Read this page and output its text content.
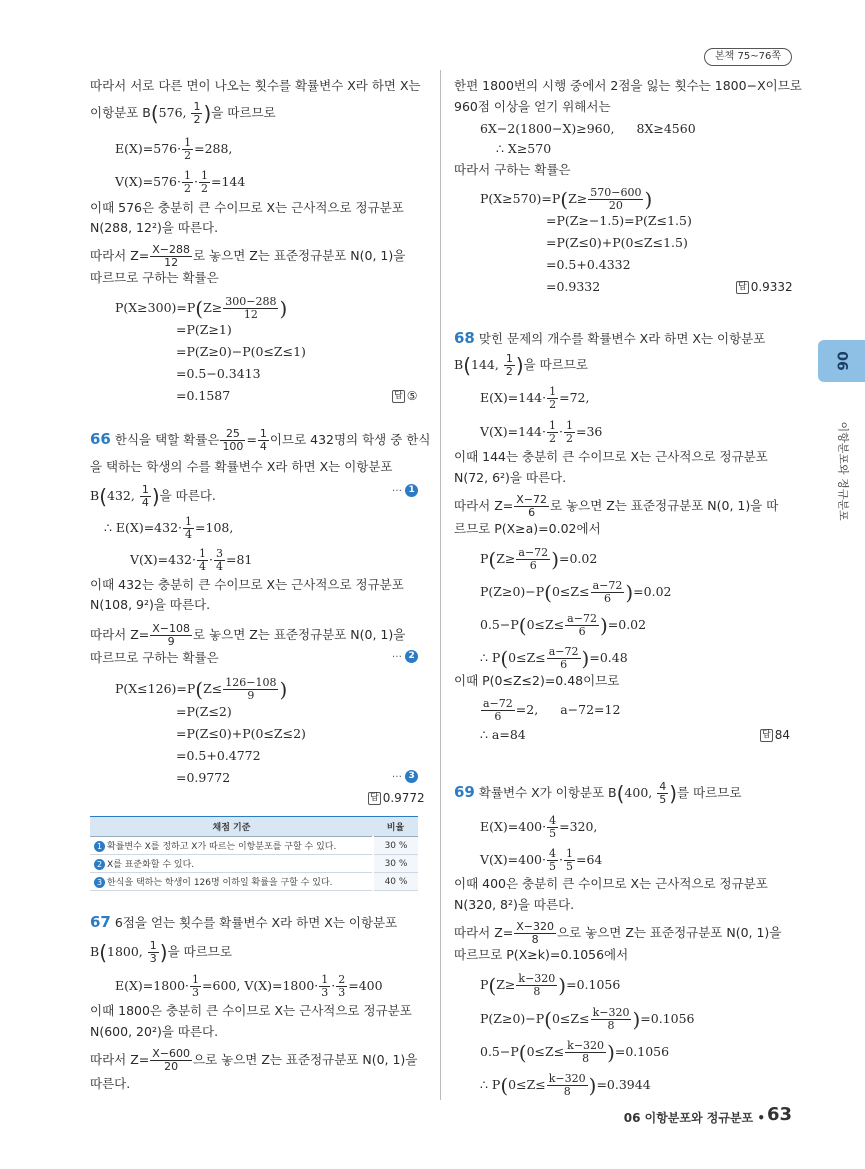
본책 75~76쪽
06
이항분포와 정규분포
따라서 서로 다른 면이 나오는 횟수를 확률변수 X라 하면 X는
이항분포 B(576, $\frac{1}{2}$ )을 따르므로
$E(X)=576\cdot \frac{1}{2} =288$,
$V(X)=576\cdot \frac{1}{2} \cdot \frac{1}{2} =144$
이때 576은 충분히 큰 수이므로 X는 근사적으로 정규분포
N(288, 12²)을 따른다.
따라서 $Z= \frac{X-288}{12}$ 로 놓으면 Z는 표준정규분포 N(0, 1)을
따르므로 구하는 확률은
$P(X\ge 300)=P(Z\ge \frac{300-288}{12}$ )
=P(Z≥1)
=P(Z≥0)−P(0≤Z≤1)
=0.5−0.3413
=0.1587	답 ⑤
66 한식을 택할 확률은 $\frac{25}{100} = \frac{1}{4}$ 이므로 432명의 학생 중 한식
을 택하는 학생의 수를 확률변수 X라 하면 X는 이항분포
B(432, $\frac{1}{4}$ )을 따른다.	⋯ 1
∴ $E(X)=432\cdot \frac{1}{4} =108$,
$V(X)=432\cdot \frac{1}{4} \cdot \frac{3}{4} =81$
이때 432는 충분히 큰 수이므로 X는 근사적으로 정규분포
N(108, 9²)을 따른다.
따라서 $Z= \frac{X-108}{9}$ 로 놓으면 Z는 표준정규분포 N(0, 1)을
따르므로 구하는 확률은	⋯ 2
$P(X\le 126)=P(Z\le \frac{126-108}{9}$ )
=P(Z≤2)
=P(Z≤0)+P(0≤Z≤2)
=0.5+0.4772
=0.9772	⋯ 3
답 0.9772
채점 기준	비율
1 확률변수 X를 정하고 X가 따르는 이항분포를 구할 수 있다.	30 %
2 X를 표준화할 수 있다.	30 %
3 한식을 택하는 학생이 126명 이하일 확률을 구할 수 있다.	40 %
67 6점을 얻는 횟수를 확률변수 X라 하면 X는 이항분포
B(1800, $\frac{1}{3}$ )을 따르므로
$E(X)=1800\cdot \frac{1}{3} =600$, $V(X)=1800\cdot \frac{1}{3} \cdot \frac{2}{3} =400$
이때 1800은 충분히 큰 수이므로 X는 근사적으로 정규분포
N(600, 20²)을 따른다.
따라서 $Z= \frac{X-600}{20}$ 으로 놓으면 Z는 표준정규분포 N(0, 1)을
따른다.
한편 1800번의 시행 중에서 2점을 잃는 횟수는 1800−X이므로
960점 이상을 얻기 위해서는
6X−2(1800−X)≥960, 8X≥4560
∴ X≥570
따라서 구하는 확률은
$P(X\ge 570)=P(Z\ge \frac{570-600}{20}$ )
=P(Z≥−1.5)=P(Z≤1.5)
=P(Z≤0)+P(0≤Z≤1.5)
=0.5+0.4332
=0.9332	답 0.9332
68 맞힌 문제의 개수를 확률변수 X라 하면 X는 이항분포
B(144, $\frac{1}{2}$ )을 따르므로
$E(X)=144\cdot \frac{1}{2} =72$,
$V(X)=144\cdot \frac{1}{2} \cdot \frac{1}{2} =36$
이때 144는 충분히 큰 수이므로 X는 근사적으로 정규분포
N(72, 6²)을 따른다.
따라서 $Z= \frac{X-72}{6}$ 로 놓으면 Z는 표준정규분포 N(0, 1)을 따
르므로 P(X≥a)=0.02에서
$P(Z\ge \frac{a-72}{6} )=0.02$
$P(Z\ge 0)-P(0\le Z\le \frac{a-72}{6} )=0.02$
$0.5-P(0\le Z\le \frac{a-72}{6} )=0.02$
∴ $P(0\le Z\le \frac{a-72}{6} )=0.48$
이때 P(0≤Z≤2)=0.48이므로
$\frac{a-72}{6} =2$, a−72=12
∴ a=84	답 84
69 확률변수 X가 이항분포 B(400, $\frac{4}{5}$ )를 따르므로
$E(X)=400\cdot \frac{4}{5} =320$,
$V(X)=400\cdot \frac{4}{5} \cdot \frac{1}{5} =64$
이때 400은 충분히 큰 수이므로 X는 근사적으로 정규분포
N(320, 8²)을 따른다.
따라서 $Z= \frac{X-320}{8}$ 으로 놓으면 Z는 표준정규분포 N(0, 1)을
따르므로 P(X≥k)=0.1056에서
$P(Z\ge \frac{k-320}{8} )=0.1056$
$P(Z\ge 0)-P(0\le Z\le \frac{k-320}{8} )=0.1056$
$0.5-P(0\le Z\le \frac{k-320}{8} )=0.1056$
∴ $P(0\le Z\le \frac{k-320}{8} )=0.3944$
06 이항분포와 정규분포 • 63
